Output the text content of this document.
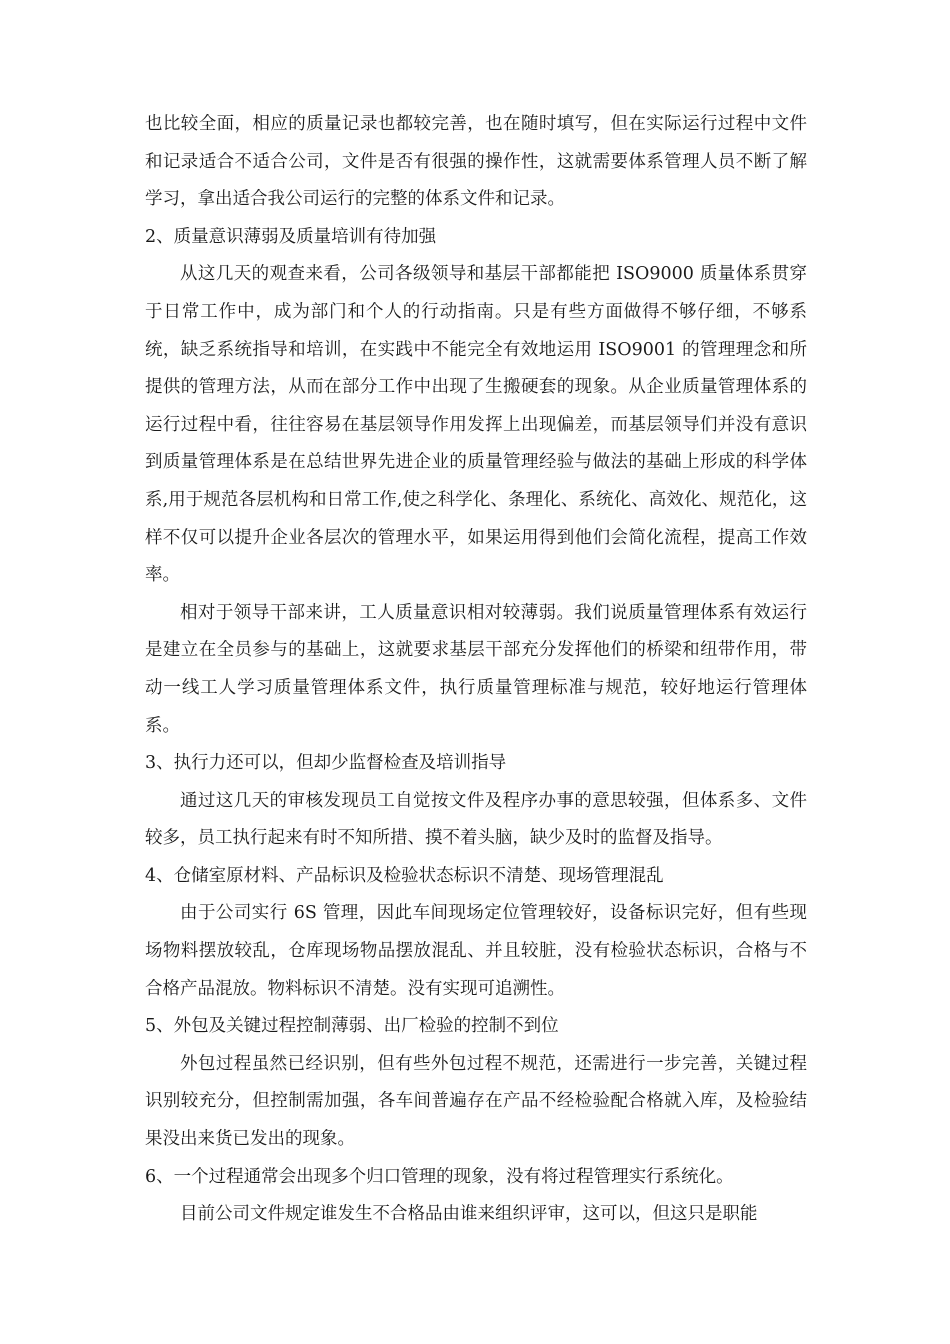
也比较全面，相应的质量记录也都较完善，也在随时填写，但在实际运行过程中文件和记录适合不适合公司，文件是否有很强的操作性，这就需要体系管理人员不断了解学习，拿出适合我公司运行的完整的体系文件和记录。

2、质量意识薄弱及质量培训有待加强

从这几天的观查来看，公司各级领导和基层干部都能把 ISO9000 质量体系贯穿于日常工作中，成为部门和个人的行动指南。只是有些方面做得不够仔细，不够系统，缺乏系统指导和培训，在实践中不能完全有效地运用 ISO9001 的管理理念和所提供的管理方法，从而在部分工作中出现了生搬硬套的现象。从企业质量管理体系的运行过程中看，往往容易在基层领导作用发挥上出现偏差，而基层领导们并没有意识到质量管理体系是在总结世界先进企业的质量管理经验与做法的基础上形成的科学体系,用于规范各层机构和日常工作,使之科学化、条理化、系统化、高效化、规范化，这样不仅可以提升企业各层次的管理水平，如果运用得到他们会简化流程，提高工作效率。

相对于领导干部来讲，工人质量意识相对较薄弱。我们说质量管理体系有效运行是建立在全员参与的基础上，这就要求基层干部充分发挥他们的桥梁和纽带作用，带动一线工人学习质量管理体系文件，执行质量管理标准与规范，较好地运行管理体系。

3、执行力还可以，但却少监督检查及培训指导

通过这几天的审核发现员工自觉按文件及程序办事的意思较强，但体系多、文件较多，员工执行起来有时不知所措、摸不着头脑，缺少及时的监督及指导。

4、仓储室原材料、产品标识及检验状态标识不清楚、现场管理混乱

由于公司实行 6S 管理，因此车间现场定位管理较好，设备标识完好，但有些现场物料摆放较乱，仓库现场物品摆放混乱、并且较脏，没有检验状态标识，合格与不合格产品混放。物料标识不清楚。没有实现可追溯性。

5、外包及关键过程控制薄弱、出厂检验的控制不到位

外包过程虽然已经识别，但有些外包过程不规范，还需进行一步完善，关键过程识别较充分，但控制需加强，各车间普遍存在产品不经检验配合格就入库，及检验结果没出来货已发出的现象。

6、一个过程通常会出现多个归口管理的现象，没有将过程管理实行系统化。

目前公司文件规定谁发生不合格品由谁来组织评审，这可以，但这只是职能
